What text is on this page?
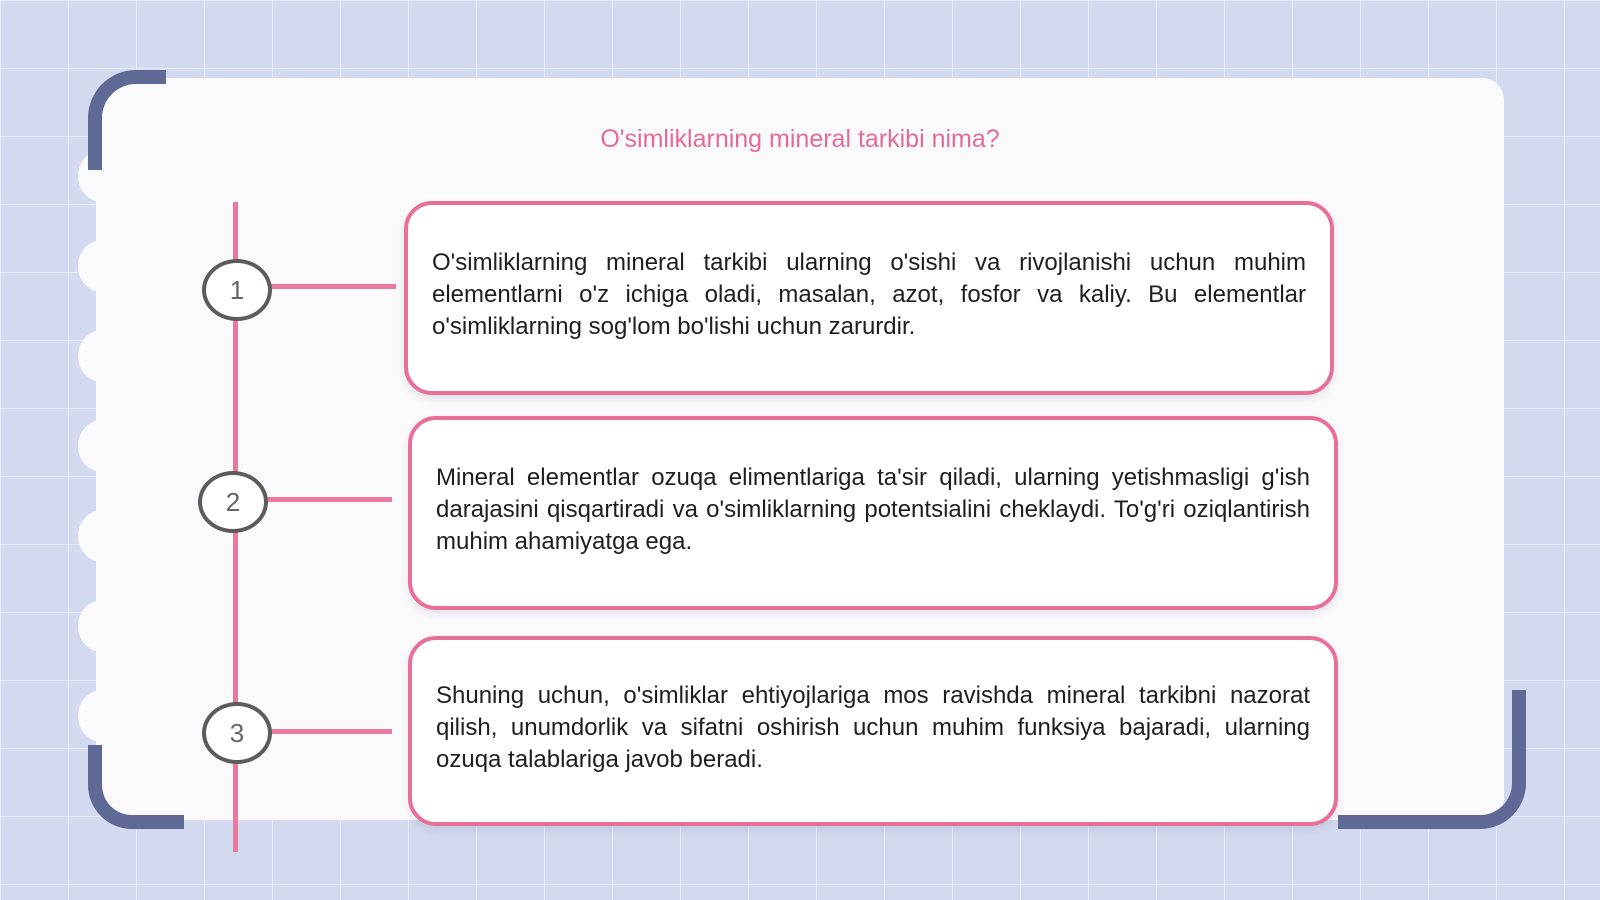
O'simliklarning mineral tarkibi nima?
1
2
3
O'simliklarning mineral tarkibi ularning o'sishi va rivojlanishi uchun muhim elementlarni o'z ichiga oladi, masalan, azot, fosfor va kaliy. Bu elementlar o'simliklarning sog'lom bo'lishi uchun zarurdir.
Mineral elementlar ozuqa elimentlariga ta'sir qiladi, ularning yetishmasligi g'ish darajasini qisqartiradi va o'simliklarning potentsialini cheklaydi. To'g'ri oziqlantirish muhim ahamiyatga ega.
Shuning uchun, o'simliklar ehtiyojlariga mos ravishda mineral tarkibni nazorat qilish, unumdorlik va sifatni oshirish uchun muhim funksiya bajaradi, ularning ozuqa talablariga javob beradi.
